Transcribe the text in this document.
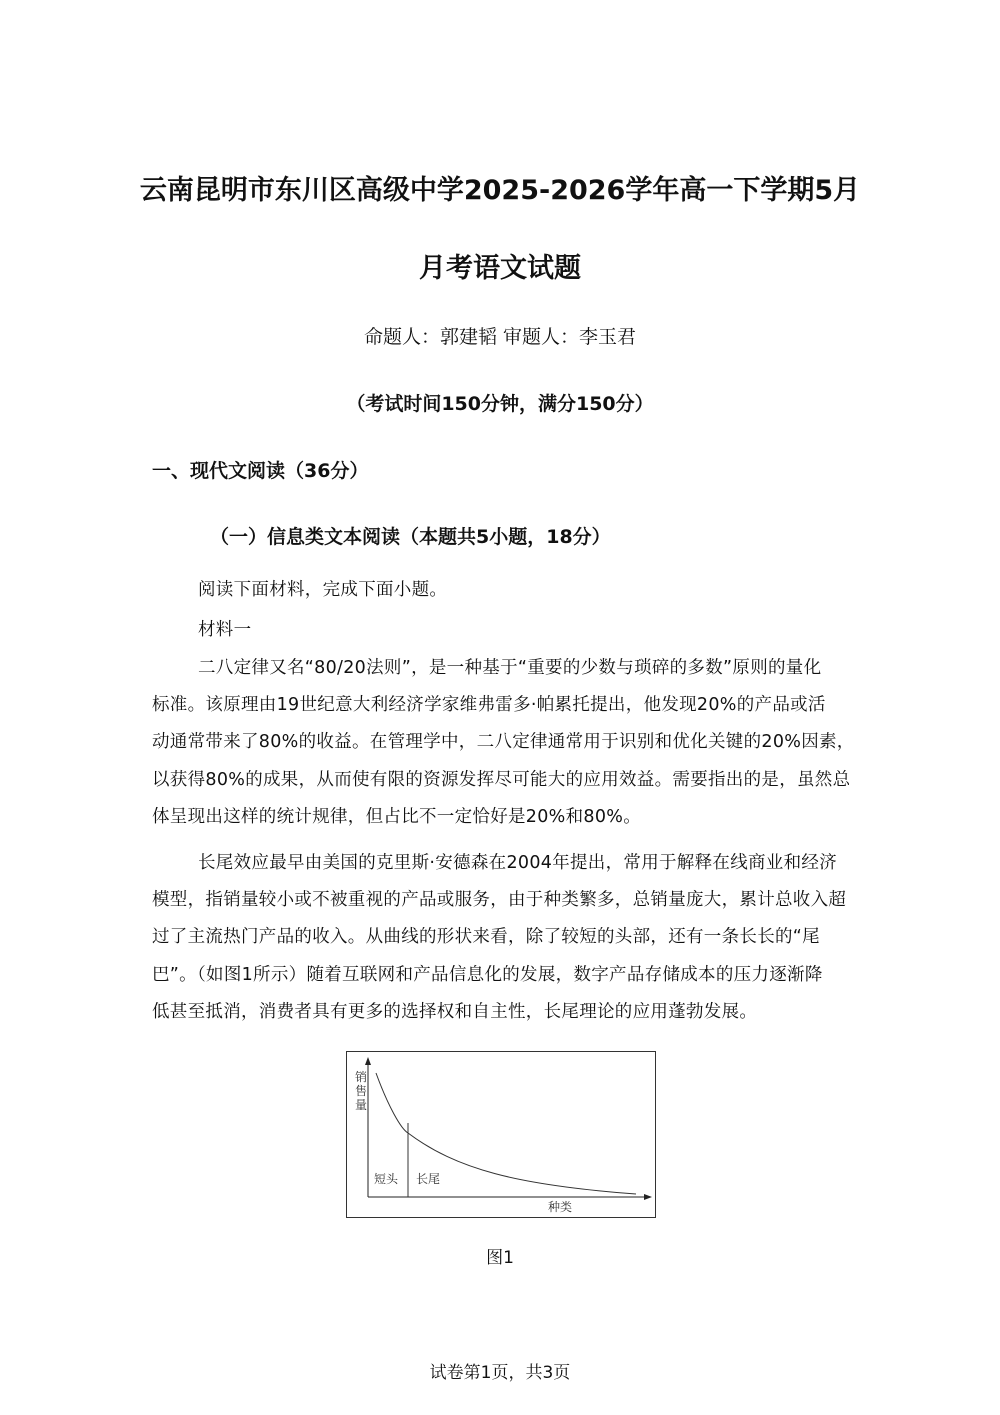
云南昆明市东川区高级中学2025-2026学年高一下学期5月
月考语文试题
命题人：郭建韬 审题人：李玉君
（考试时间150分钟，满分150分）
一、现代文阅读（36分）
（一）信息类文本阅读（本题共5小题，18分）
阅读下面材料，完成下面小题。
材料一
二八定律又名“80/20法则”，是一种基于“重要的少数与琐碎的多数”原则的量化
标准。该原理由19世纪意大利经济学家维弗雷多·帕累托提出，他发现20%的产品或活
动通常带来了80%的收益。在管理学中，二八定律通常用于识别和优化关键的20%因素，
以获得80%的成果，从而使有限的资源发挥尽可能大的应用效益。需要指出的是，虽然总
体呈现出这样的统计规律，但占比不一定恰好是20%和80%。
长尾效应最早由美国的克里斯·安德森在2004年提出，常用于解释在线商业和经济
模型，指销量较小或不被重视的产品或服务，由于种类繁多，总销量庞大，累计总收入超
过了主流热门产品的收入。从曲线的形状来看，除了较短的头部，还有一条长长的“尾
巴”。（如图1所示）随着互联网和产品信息化的发展，数字产品存储成本的压力逐渐降
低甚至抵消，消费者具有更多的选择权和自主性，长尾理论的应用蓬勃发展。
销
售
量
短头 长尾
种类
图1
试卷第1页，共3页
